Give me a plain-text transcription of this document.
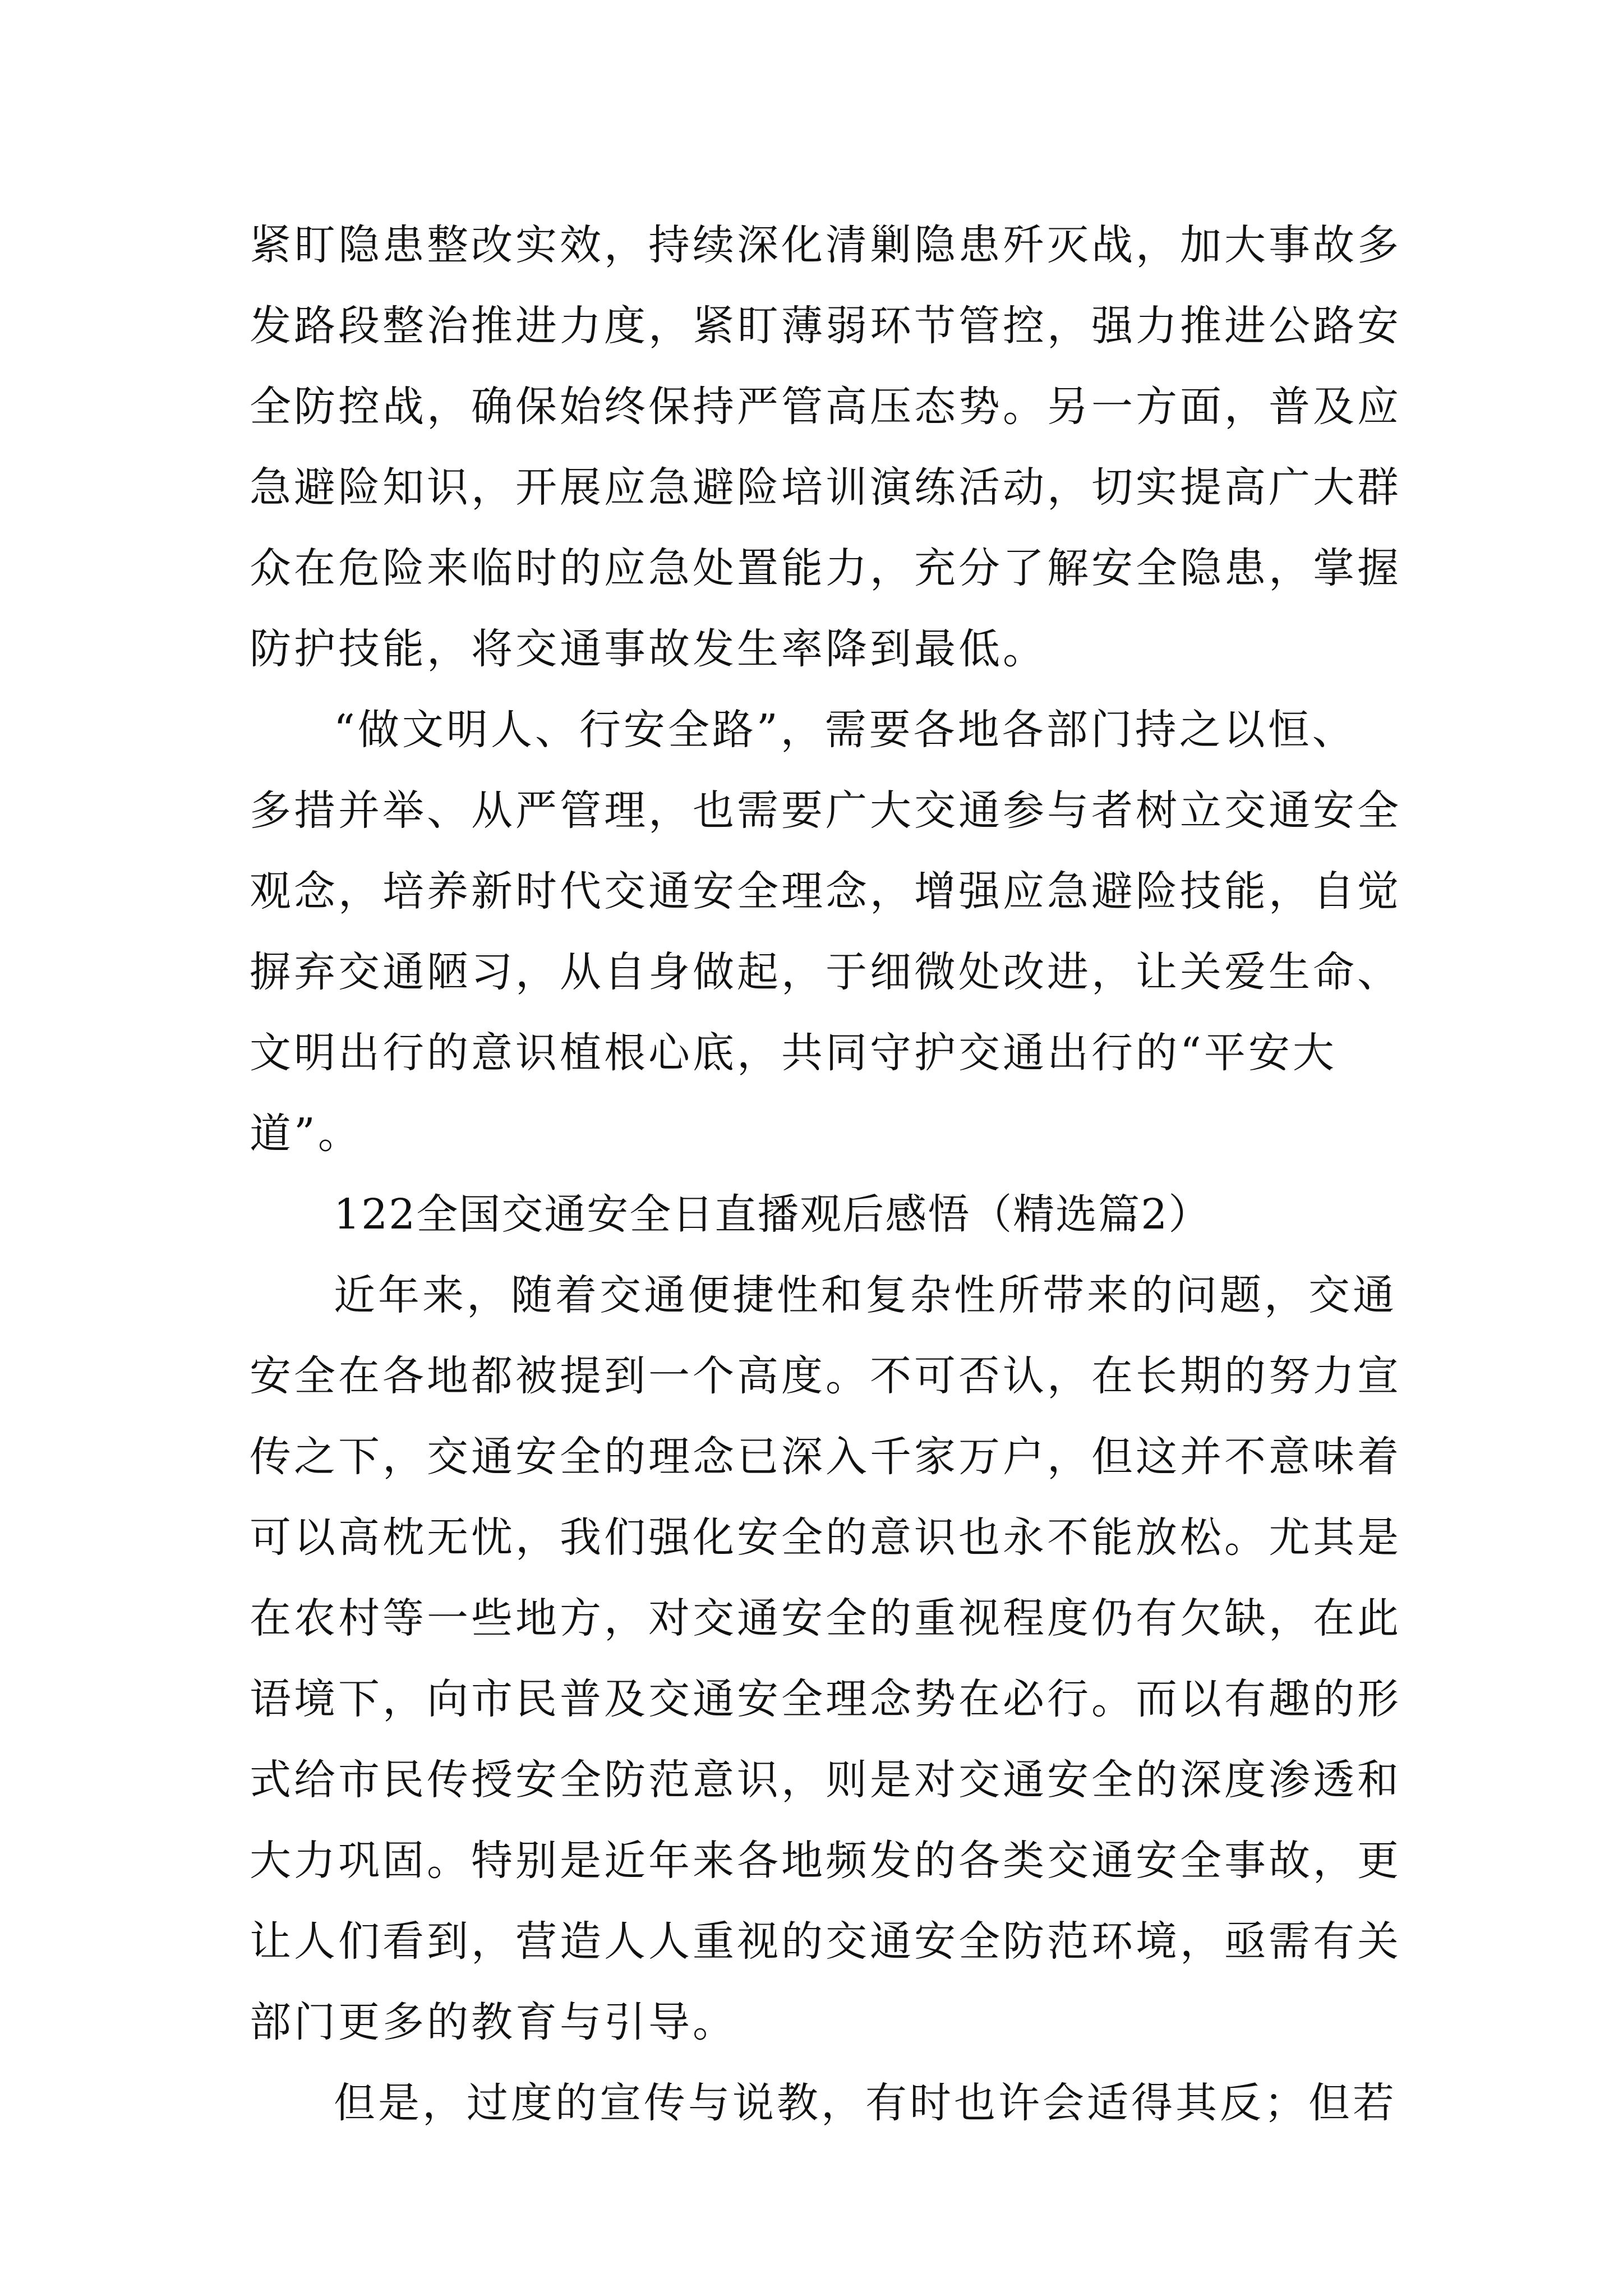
紧盯隐患整改实效，持续深化清剿隐患歼灭战，加大事故多
发路段整治推进力度，紧盯薄弱环节管控，强力推进公路安
全防控战，确保始终保持严管高压态势。另一方面，普及应
急避险知识，开展应急避险培训演练活动，切实提高广大群
众在危险来临时的应急处置能力，充分了解安全隐患，掌握
防护技能，将交通事故发生率降到最低。
“做文明人、行安全路”，需要各地各部门持之以恒、
多措并举、从严管理，也需要广大交通参与者树立交通安全
观念，培养新时代交通安全理念，增强应急避险技能，自觉
摒弃交通陋习，从自身做起，于细微处改进，让关爱生命、
文明出行的意识植根心底，共同守护交通出行的“平安大
道”。
122全国交通安全日直播观后感悟（精选篇2）
近年来，随着交通便捷性和复杂性所带来的问题，交通
安全在各地都被提到一个高度。不可否认，在长期的努力宣
传之下，交通安全的理念已深入千家万户，但这并不意味着
可以高枕无忧，我们强化安全的意识也永不能放松。尤其是
在农村等一些地方，对交通安全的重视程度仍有欠缺，在此
语境下，向市民普及交通安全理念势在必行。而以有趣的形
式给市民传授安全防范意识，则是对交通安全的深度渗透和
大力巩固。特别是近年来各地频发的各类交通安全事故，更
让人们看到，营造人人重视的交通安全防范环境，亟需有关
部门更多的教育与引导。
但是，过度的宣传与说教，有时也许会适得其反；但若
